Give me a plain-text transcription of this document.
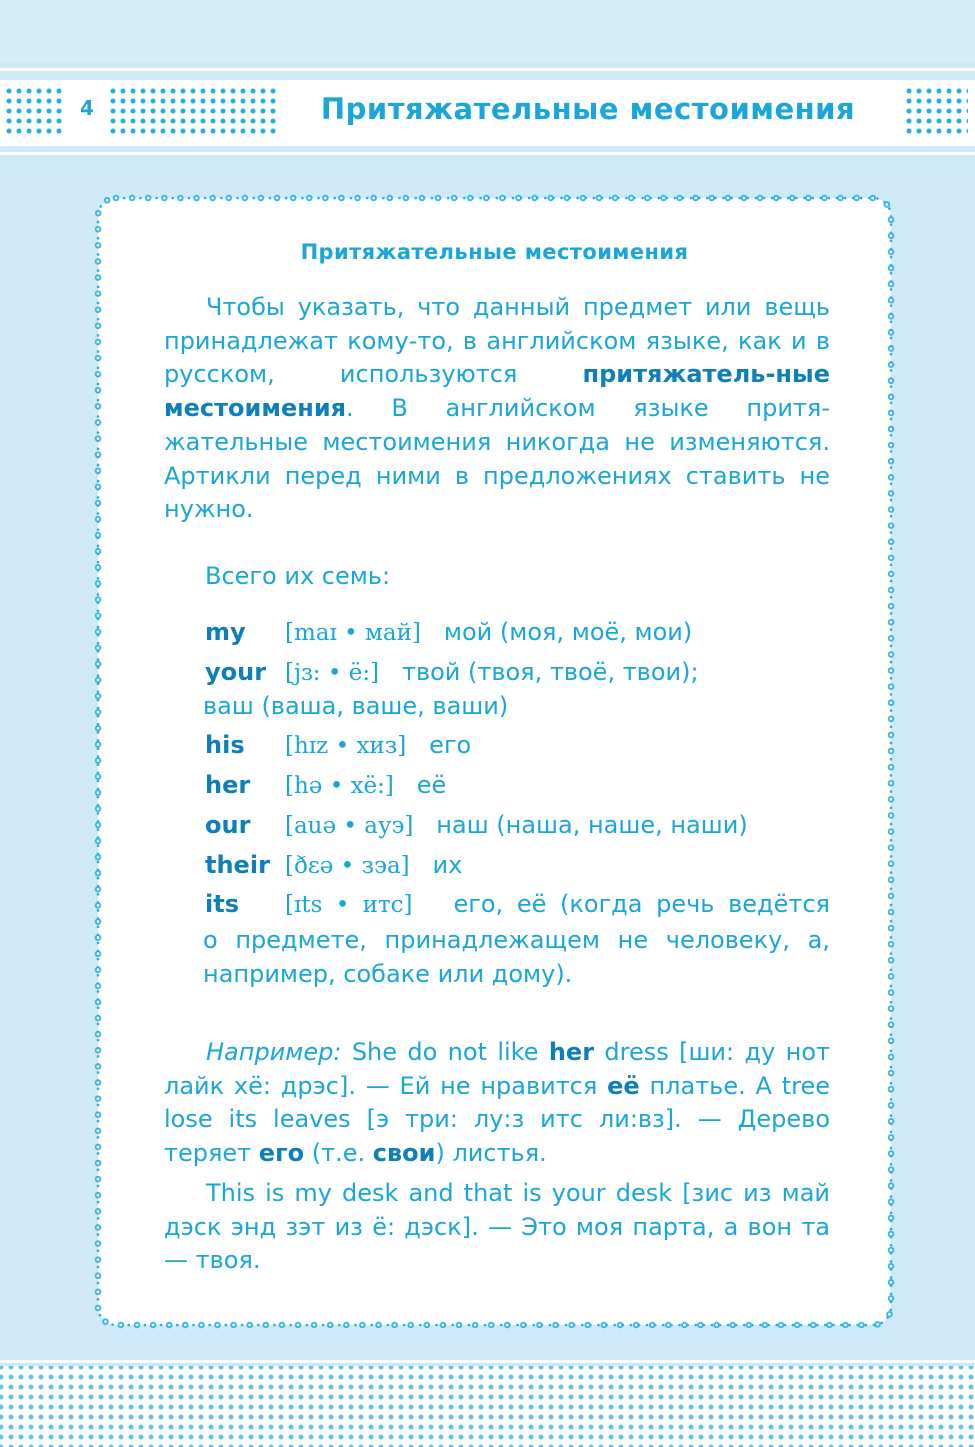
4	Притяжательные местоимения
Притяжательные местоимения

Чтобы указать, что данный предмет или вещь принадлежат кому-то, в английском языке, как и в русском, используются притяжатель-ные местоимения. В английском языке притя-жательные местоимения никогда не изменяются. Артикли перед ними в предложениях ставить не нужно.

Всего их семь:
my [maɪ • май] мой (моя, моё, мои)
your [jɜ: • ё:] твой (твоя, твоё, твои);
ваш (ваша, ваше, ваши)
his [hɪz • хиз] его
her [hə • хё:] её
our [auə • ауэ] наш (наша, наше, наши)
their [ðɛə • зэа] их
its [ɪts • итс] его, её (когда речь ведётся

о предмете, принадлежащем не человеку, а, например, собаке или дому).

Например: She do not like her dress [ши: ду нот лайк хё: дрэс]. — Ей не нравится её платье. A tree lose its leaves [э три: лу:з итс ли:вз]. — Дерево теряет его (т.е. свои) листья.

This is my desk and that is your desk [зис из май дэск энд зэт из ё: дэск]. — Это моя парта, а вон та — твоя.
